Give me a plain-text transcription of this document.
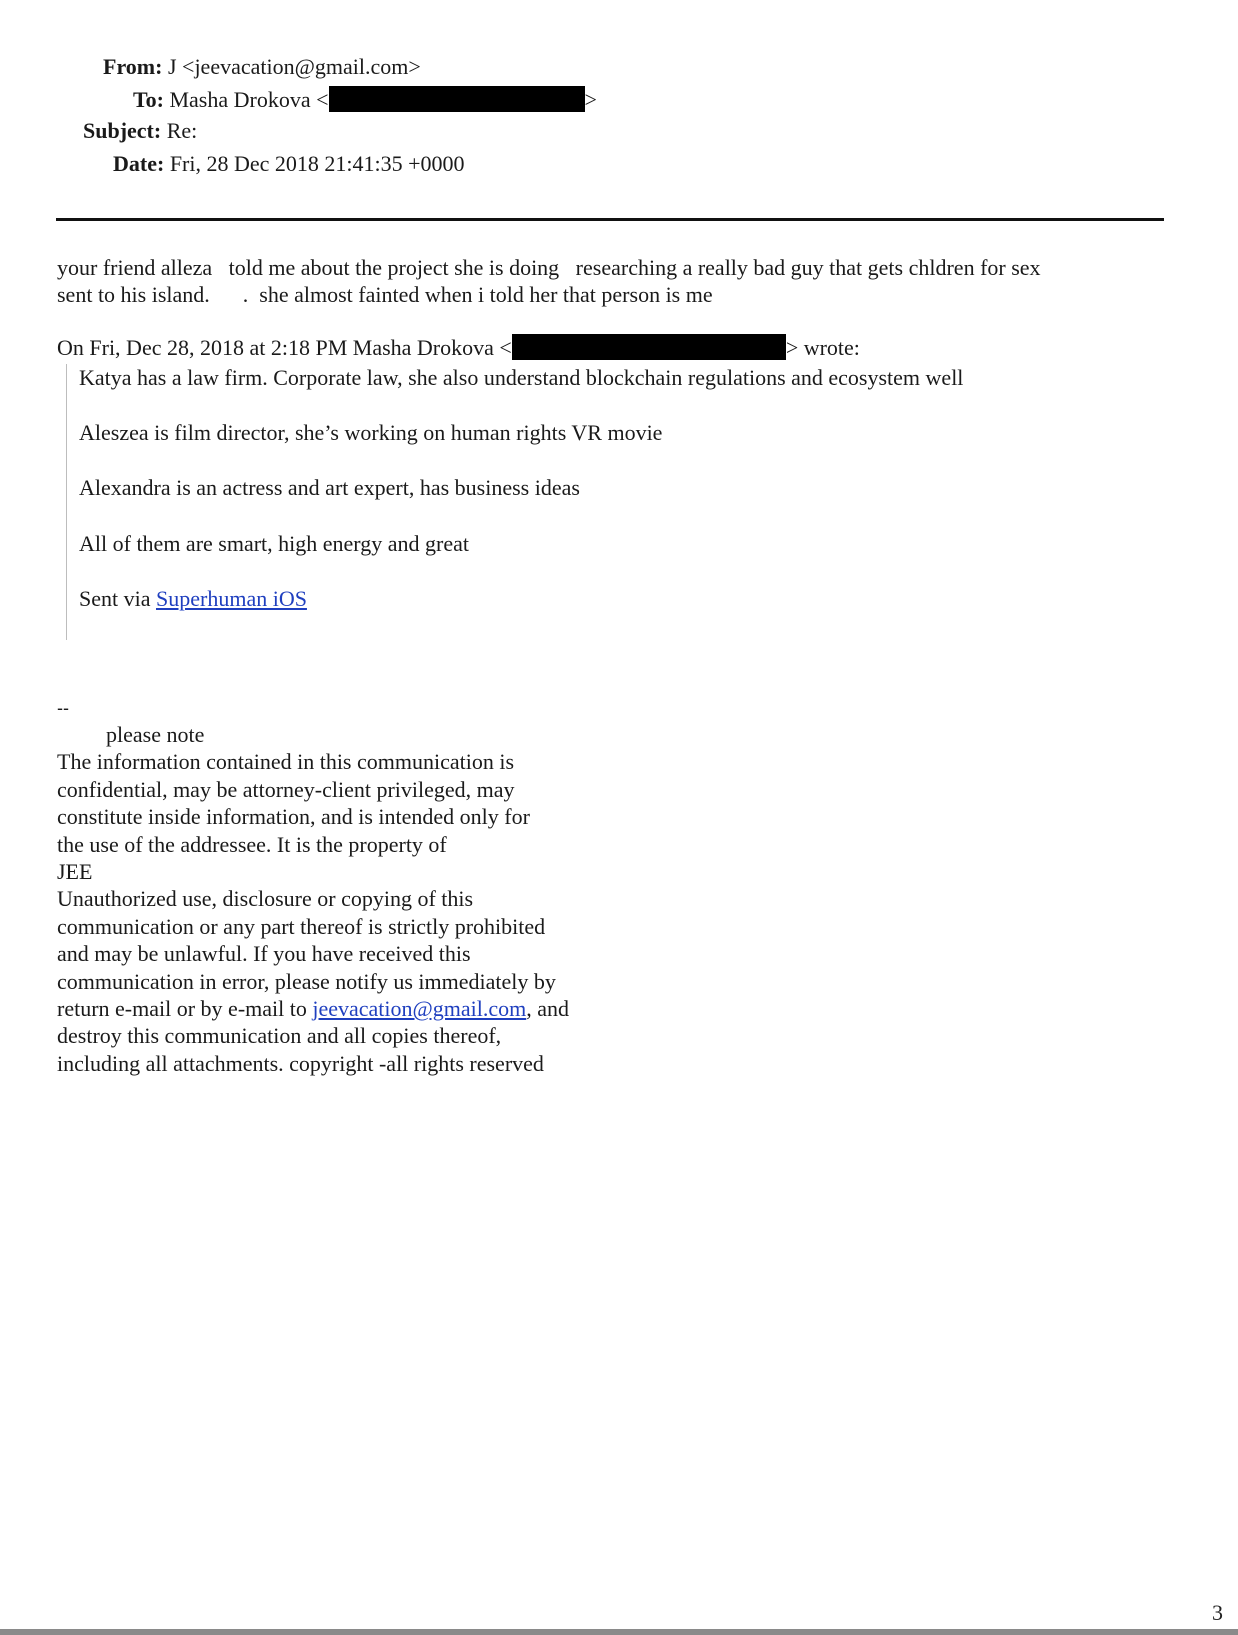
From: J <jeevacation@gmail.com>
To: Masha Drokova <	>
Subject: Re:
Date: Fri, 28 Dec 2018 21:41:35 +0000
your friend alleza   told me about the project she is doing   researching a really bad guy that gets chldren for sex
sent to his island.      .  she almost fainted when i told her that person is me
On Fri, Dec 28, 2018 at 2:18 PM Masha Drokova <	> wrote:
Katya has a law firm. Corporate law, she also understand blockchain regulations and ecosystem well
Aleszea is film director, she’s working on human rights VR movie
Alexandra is an actress and art expert, has business ideas
All of them are smart, high energy and great
Sent via Superhuman iOS
--
please note
The information contained in this communication is
confidential, may be attorney-client privileged, may
constitute inside information, and is intended only for
the use of the addressee. It is the property of
JEE
Unauthorized use, disclosure or copying of this
communication or any part thereof is strictly prohibited
and may be unlawful. If you have received this
communication in error, please notify us immediately by
return e-mail or by e-mail to jeevacation@gmail.com, and
destroy this communication and all copies thereof,
including all attachments. copyright -all rights reserved
3
